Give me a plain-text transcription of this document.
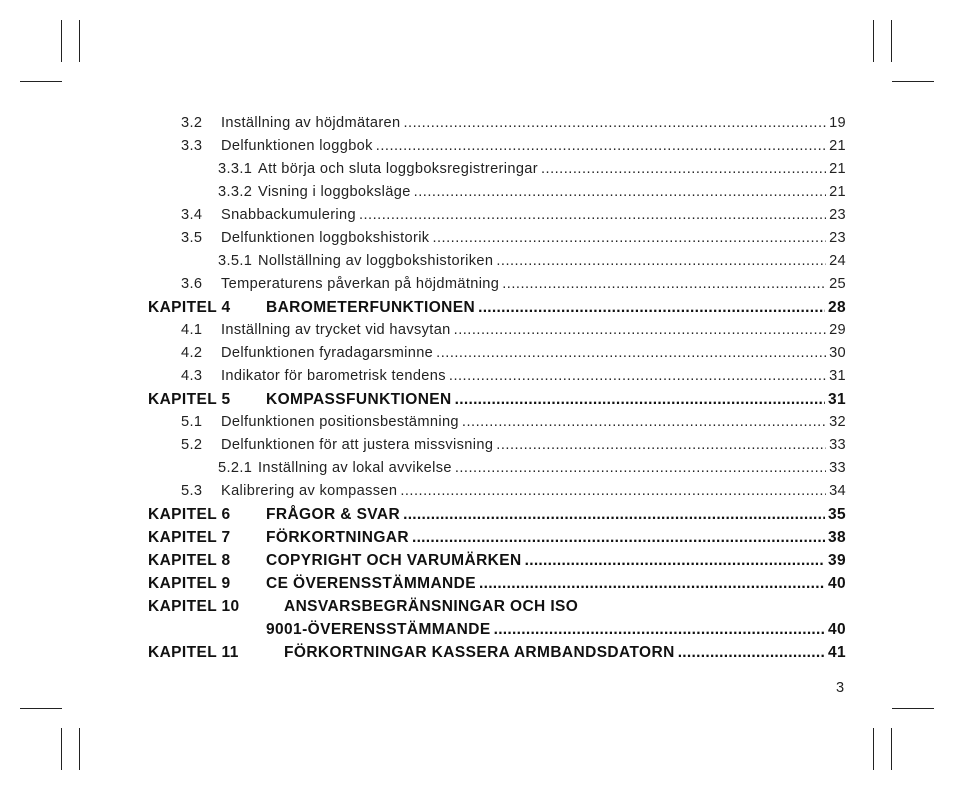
3.2 Inställning av höjdmätaren .....	19
3.3 Delfunktionen loggbok .....	21
3.3.1 Att börja och sluta loggboksregistreringar .....	21
3.3.2 Visning i loggboksläge .....	21
3.4 Snabbackumulering .....	23
3.5 Delfunktionen loggbokshistorik .....	23
3.5.1 Nollställning av loggbokshistoriken .....	24
3.6 Temperaturens påverkan på höjdmätning .....	25
KAPITEL 4 BAROMETERFUNKTIONEN .....	28
4.1 Inställning av trycket vid havsytan .....	29
4.2 Delfunktionen fyradagarsminne .....	30
4.3 Indikator för barometrisk tendens .....	31
KAPITEL 5 KOMPASSFUNKTIONEN .....	31
5.1 Delfunktionen positionsbestämning .....	32
5.2 Delfunktionen för att justera missvisning .....	33
5.2.1 Inställning av lokal avvikelse .....	33
5.3 Kalibrering av kompassen .....	34
KAPITEL 6 FRÅGOR & SVAR .....	35
KAPITEL 7 FÖRKORTNINGAR .....	38
KAPITEL 8 COPYRIGHT OCH VARUMÄRKEN .....	39
KAPITEL 9 CE ÖVERENSSTÄMMANDE .....	40
KAPITEL 10	ANSVARSBEGRÄNSNINGAR OCH ISO
9001-ÖVERENSSTÄMMANDE .....	40
KAPITEL 11	FÖRKORTNINGAR KASSERA ARMBANDSDATORN .....	41
3
